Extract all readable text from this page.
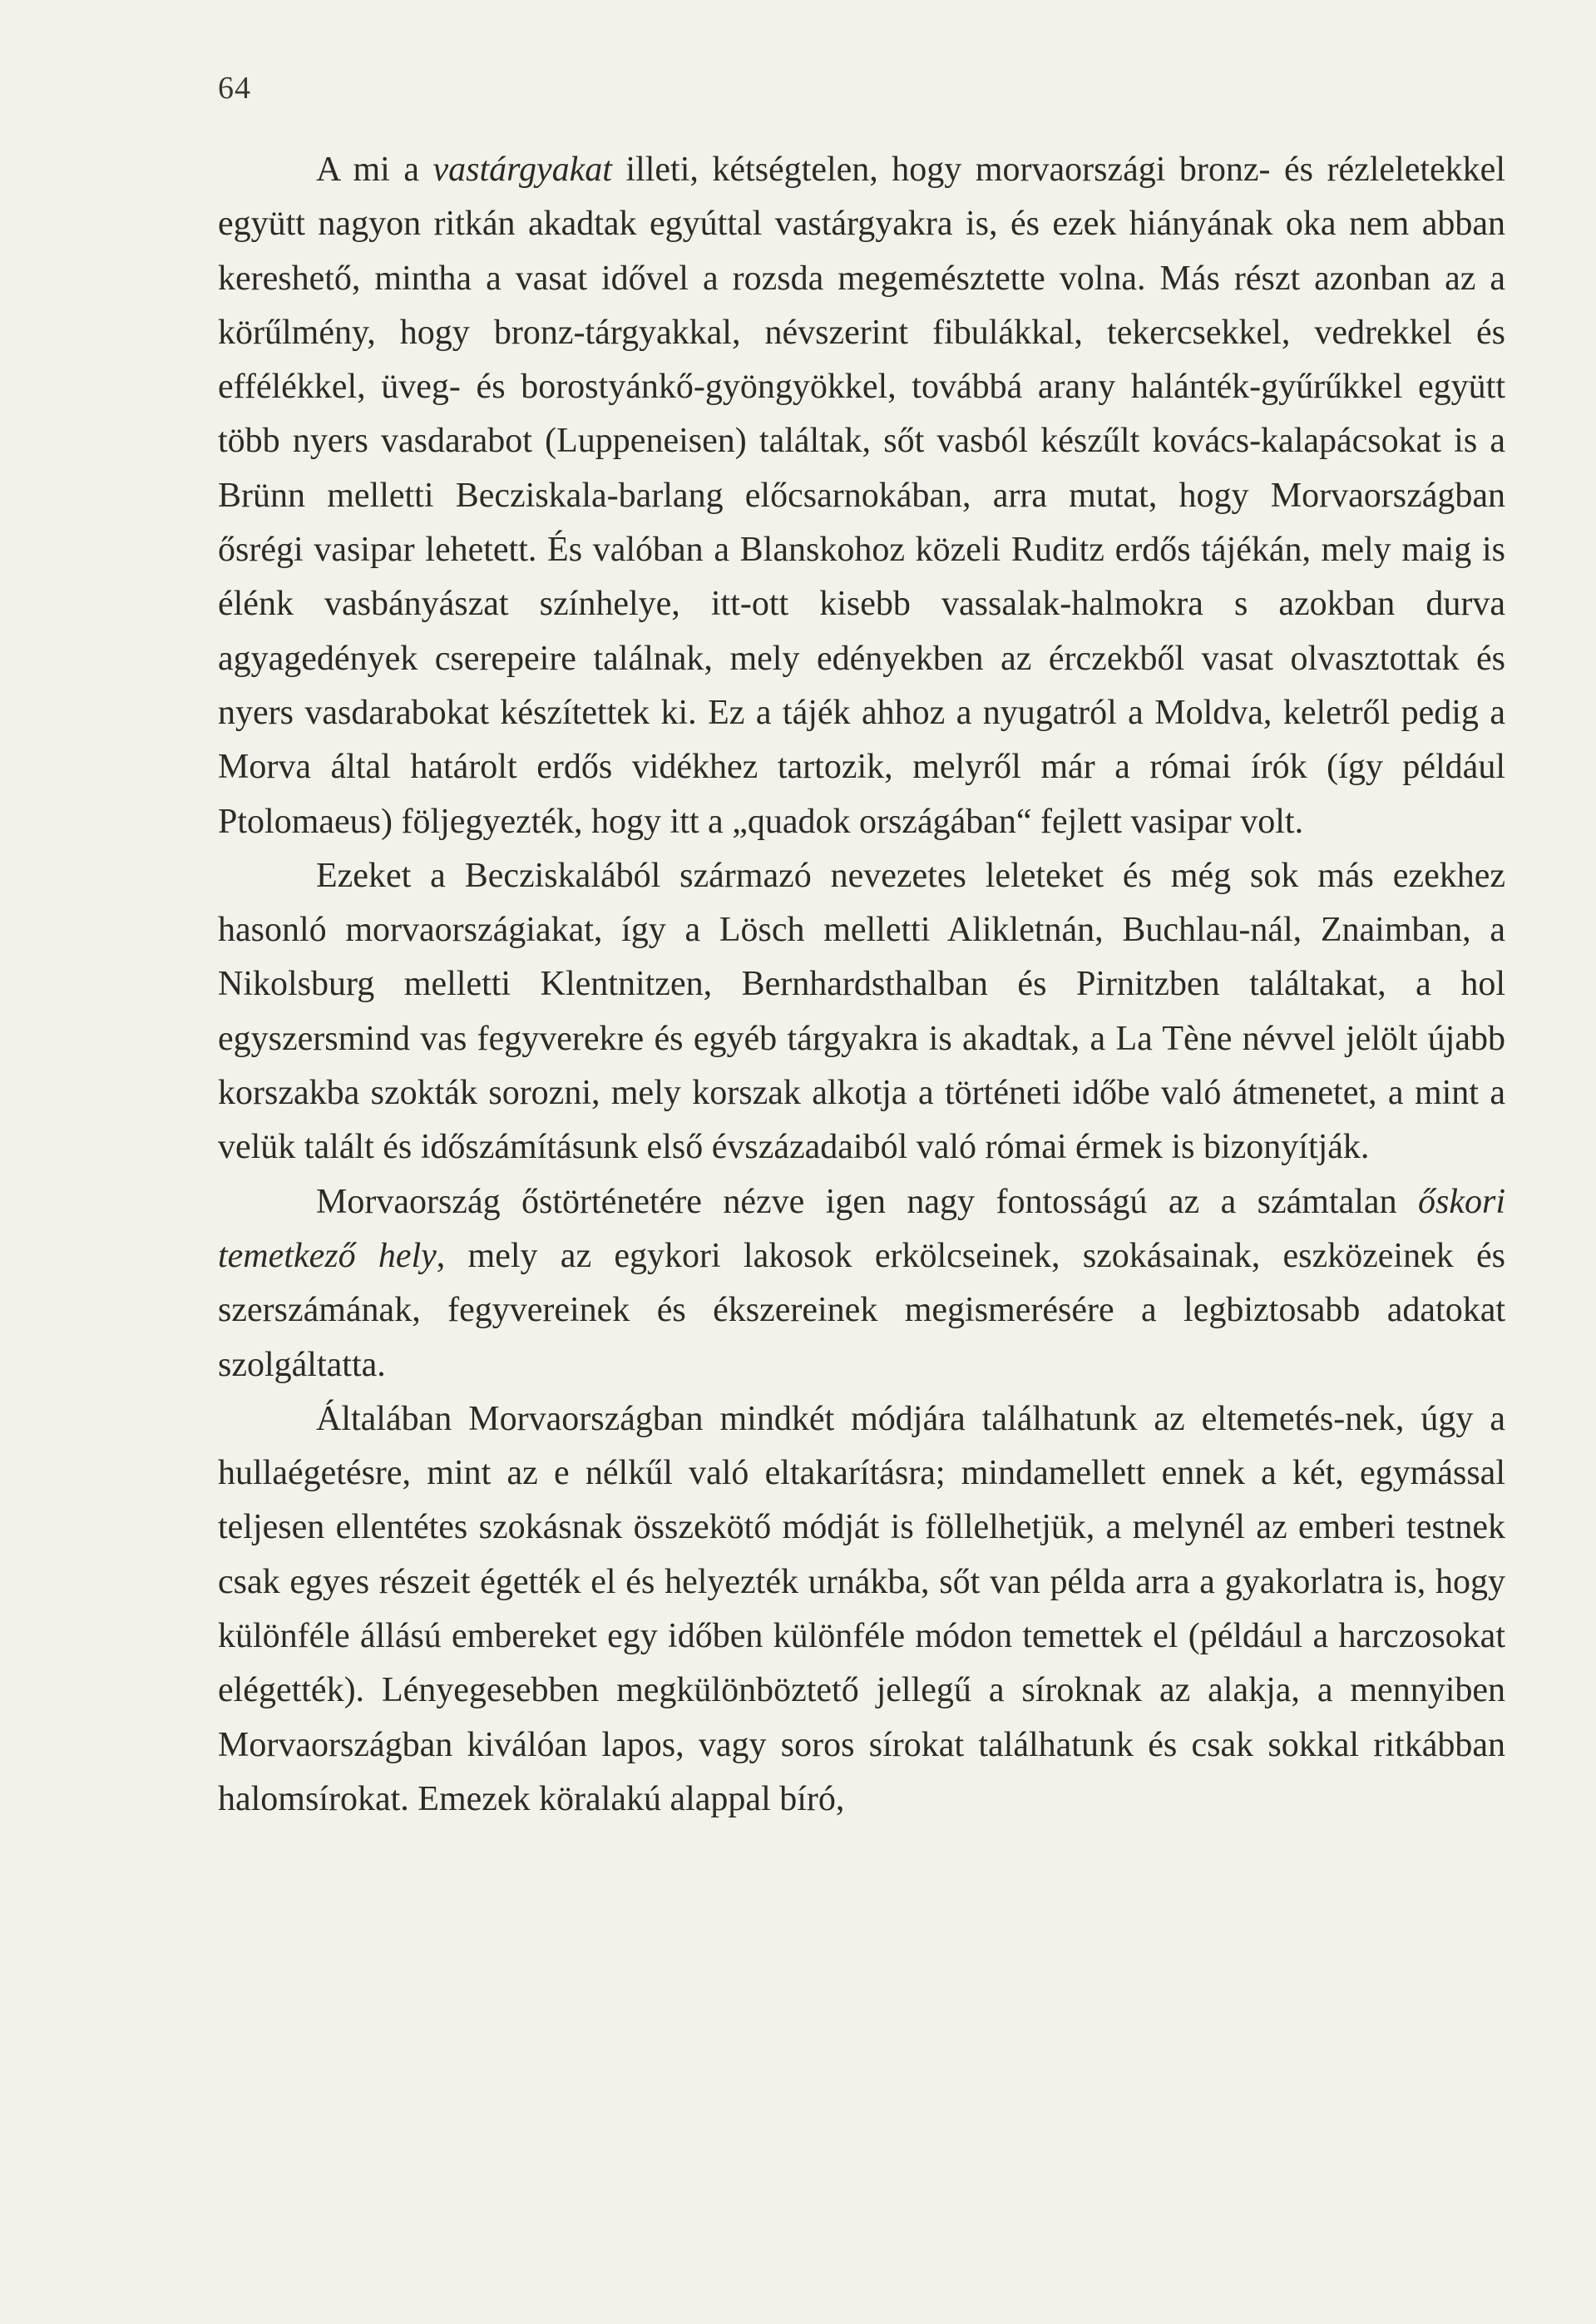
64

A mi a vastárgyakat illeti, kétségtelen, hogy morvaországi bronz- és rézleletekkel együtt nagyon ritkán akadtak egyúttal vastárgyakra is, és ezek hiányának oka nem abban kereshető, mintha a vasat idővel a rozsda megemésztette volna. Más részt azonban az a körűlmény, hogy bronz-tárgyakkal, névszerint fibulákkal, tekercsekkel, vedrekkel és effélékkel, üveg- és borostyánkő-gyöngyökkel, továbbá arany halánték-gyűrűkkel együtt több nyers vasdarabot (Luppeneisen) találtak, sőt vasból készűlt kovács-kalapácsokat is a Brünn melletti Becziskala-barlang előcsarnokában, arra mutat, hogy Morvaországban ősrégi vasipar lehetett. És valóban a Blanskohoz közeli Ruditz erdős tájékán, mely maig is élénk vasbányászat színhelye, itt-ott kisebb vassalak-halmokra s azokban durva agyagedények cserepeire találnak, mely edényekben az érczekből vasat olvasztottak és nyers vasdarabokat készítettek ki. Ez a tájék ahhoz a nyugatról a Moldva, keletről pedig a Morva által határolt erdős vidékhez tartozik, melyről már a római írók (így például Ptolomaeus) följegyezték, hogy itt a „quadok országában“ fejlett vasipar volt.

Ezeket a Becziskalából származó nevezetes leleteket és még sok más ezekhez hasonló morvaországiakat, így a Lösch melletti Alikletnán, Buchlau-nál, Znaimban, a Nikolsburg melletti Klentnitzen, Bernhardsthalban és Pirnitzben találtakat, a hol egyszersmind vas fegyverekre és egyéb tárgyakra is akadtak, a La Tène névvel jelölt újabb korszakba szokták sorozni, mely korszak alkotja a történeti időbe való átmenetet, a mint a velük talált és időszámításunk első évszázadaiból való római érmek is bizonyítják.

Morvaország őstörténetére nézve igen nagy fontosságú az a számtalan őskori temetkező hely, mely az egykori lakosok erkölcseinek, szokásainak, eszközeinek és szerszámának, fegyvereinek és ékszereinek megismerésére a legbiztosabb adatokat szolgáltatta.

Általában Morvaországban mindkét módjára találhatunk az eltemetés-nek, úgy a hullaégetésre, mint az e nélkűl való eltakarításra; mindamellett ennek a két, egymással teljesen ellentétes szokásnak összekötő módját is föllelhetjük, a melynél az emberi testnek csak egyes részeit égették el és helyezték urnákba, sőt van példa arra a gyakorlatra is, hogy különféle állású embereket egy időben különféle módon temettek el (például a harczosokat elégették). Lényegesebben megkülönböztető jellegű a síroknak az alakja, a mennyiben Morvaországban kiválóan lapos, vagy soros sírokat találhatunk és csak sokkal ritkábban halomsírokat. Emezek köralakú alappal bíró,
